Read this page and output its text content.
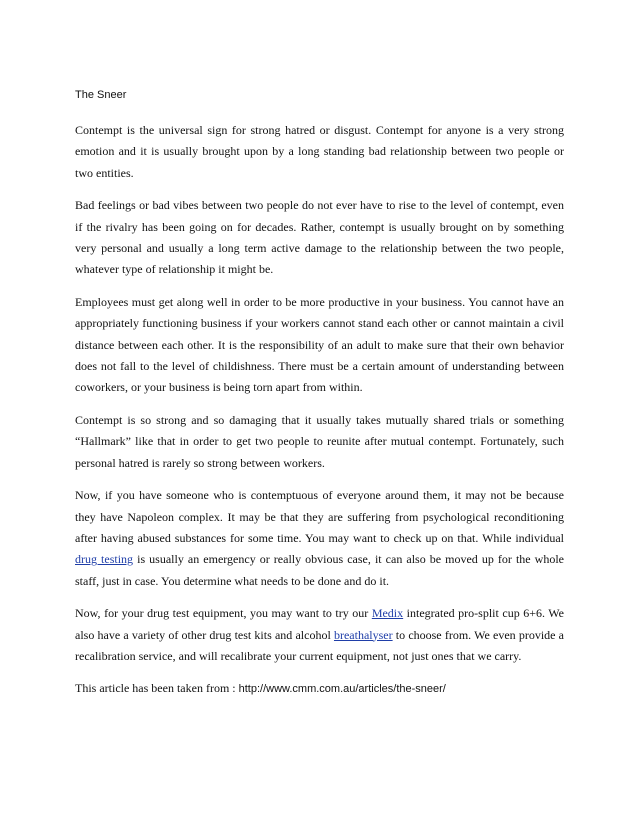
The Sneer

Contempt is the universal sign for strong hatred or disgust. Contempt for anyone is a very strong emotion and it is usually brought upon by a long standing bad relationship between two people or two entities.

Bad feelings or bad vibes between two people do not ever have to rise to the level of contempt, even if the rivalry has been going on for decades. Rather, contempt is usually brought on by something very personal and usually a long term active damage to the relationship between the two people, whatever type of relationship it might be.

Employees must get along well in order to be more productive in your business. You cannot have an appropriately functioning business if your workers cannot stand each other or cannot maintain a civil distance between each other. It is the responsibility of an adult to make sure that their own behavior does not fall to the level of childishness. There must be a certain amount of understanding between coworkers, or your business is being torn apart from within.

Contempt is so strong and so damaging that it usually takes mutually shared trials or something “Hallmark” like that in order to get two people to reunite after mutual contempt. Fortunately, such personal hatred is rarely so strong between workers.

Now, if you have someone who is contemptuous of everyone around them, it may not be because they have Napoleon complex. It may be that they are suffering from psychological reconditioning after having abused substances for some time. You may want to check up on that. While individual drug testing is usually an emergency or really obvious case, it can also be moved up for the whole staff, just in case. You determine what needs to be done and do it.

Now, for your drug test equipment, you may want to try our Medix integrated pro-split cup 6+6. We also have a variety of other drug test kits and alcohol breathalyser to choose from. We even provide a recalibration service, and will recalibrate your current equipment, not just ones that we carry.

This article has been taken from : http://www.cmm.com.au/articles/the-sneer/
